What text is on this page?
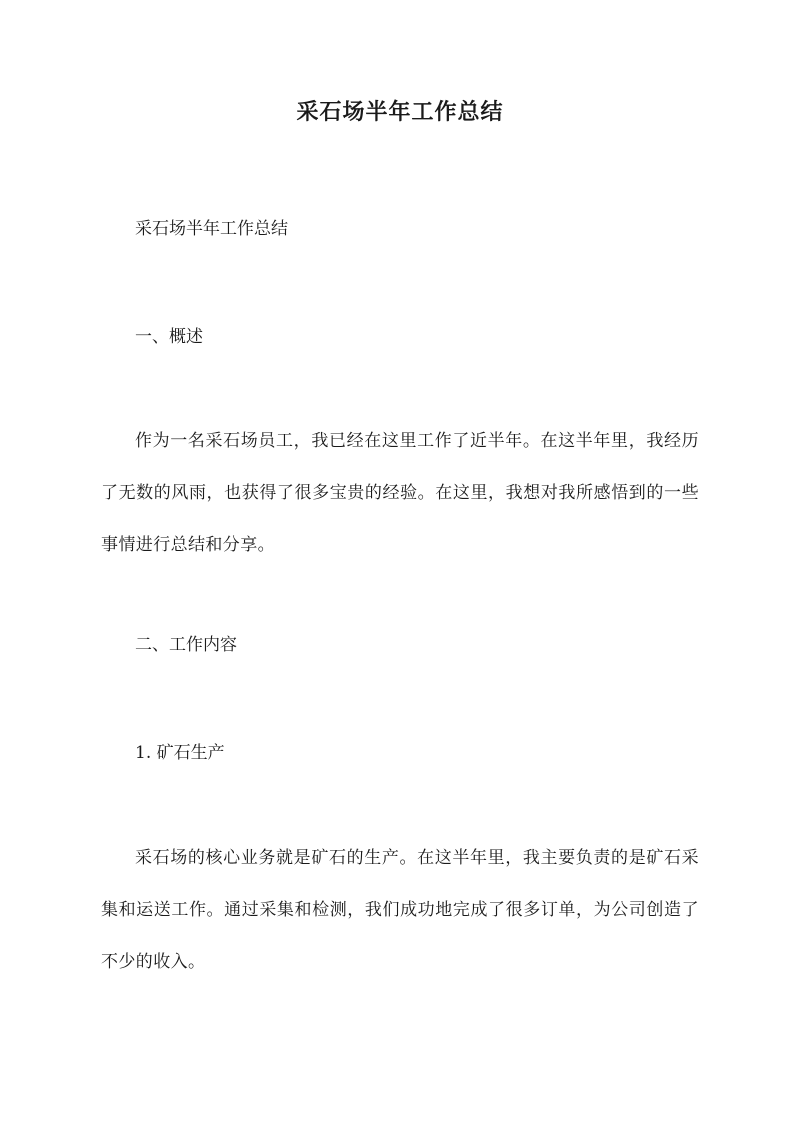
采石场半年工作总结

采石场半年工作总结

一、概述

作为一名采石场员工，我已经在这里工作了近半年。在这半年里，我经历了无数的风雨，也获得了很多宝贵的经验。在这里，我想对我所感悟到的一些事情进行总结和分享。

二、工作内容

1. 矿石生产

采石场的核心业务就是矿石的生产。在这半年里，我主要负责的是矿石采集和运送工作。通过采集和检测，我们成功地完成了很多订单，为公司创造了不少的收入。
